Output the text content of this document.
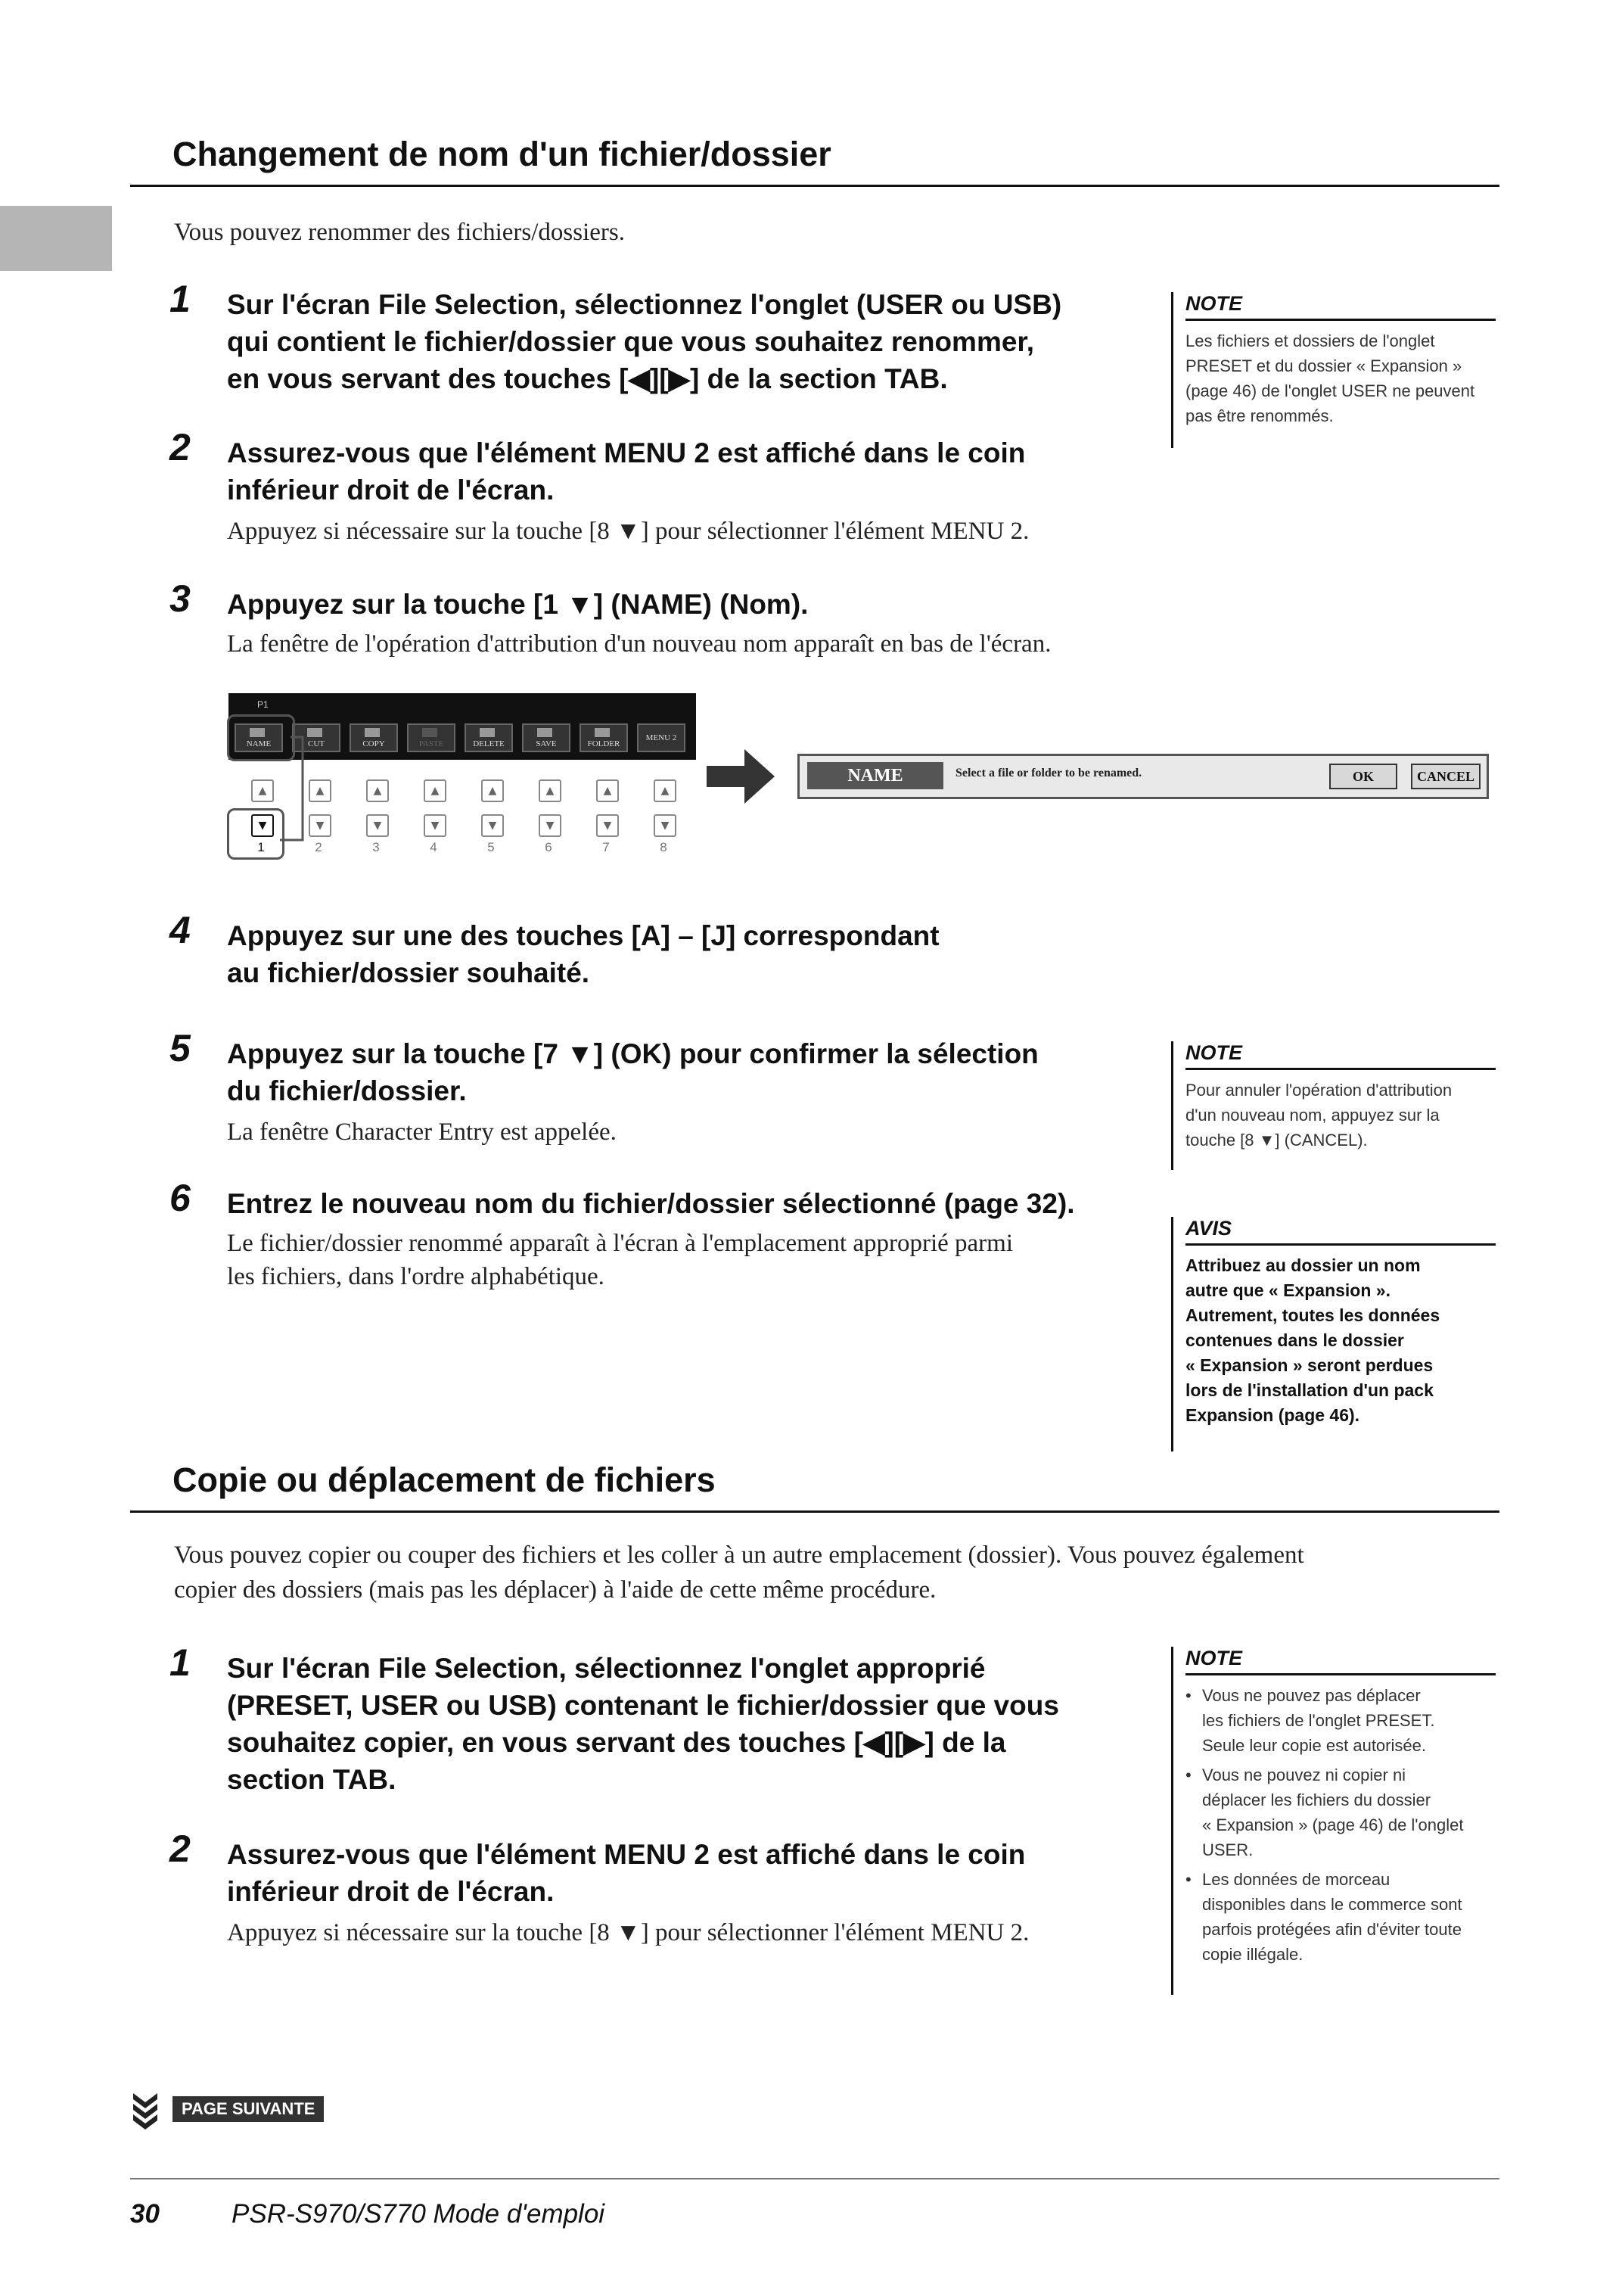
Changement de nom d'un fichier/dossier
Vous pouvez renommer des fichiers/dossiers.
1 Sur l'écran File Selection, sélectionnez l'onglet (USER ou USB)
qui contient le fichier/dossier que vous souhaitez renommer,
en vous servant des touches [◀][▶] de la section TAB.
2 Assurez-vous que l'élément MENU 2 est affiché dans le coin
inférieur droit de l'écran.
Appuyez si nécessaire sur la touche [8 ▼] pour sélectionner l'élément MENU 2.
3 Appuyez sur la touche [1 ▼] (NAME) (Nom).
La fenêtre de l'opération d'attribution d'un nouveau nom apparaît en bas de l'écran.
NOTE
Les fichiers et dossiers de l'onglet
PRESET et du dossier « Expansion »
(page 46) de l'onglet USER ne peuvent
pas être renommés.
P1
NAME	CUT	COPY	PASTE	DELETE	SAVE	FOLDER
MENU 2
▲	▲	▲	▲	▲	▲	▲	▲
▼	▼	▼	▼	▼	▼	▼	▼
1	2	3	4	5	6	7	8
NAME	Select a file or folder to be renamed.	OK	CANCEL
4 Appuyez sur une des touches [A] – [J] correspondant
au fichier/dossier souhaité.
5 Appuyez sur la touche [7 ▼] (OK) pour confirmer la sélection
du fichier/dossier.
La fenêtre Character Entry est appelée.
6 Entrez le nouveau nom du fichier/dossier sélectionné (page 32).
Le fichier/dossier renommé apparaît à l'écran à l'emplacement approprié parmi
les fichiers, dans l'ordre alphabétique.
NOTE
Pour annuler l'opération d'attribution
d'un nouveau nom, appuyez sur la
touche [8 ▼] (CANCEL).
AVIS
Attribuez au dossier un nom
autre que « Expansion ».
Autrement, toutes les données
contenues dans le dossier
« Expansion » seront perdues
lors de l'installation d'un pack
Expansion (page 46).
Copie ou déplacement de fichiers
Vous pouvez copier ou couper des fichiers et les coller à un autre emplacement (dossier). Vous pouvez également
copier des dossiers (mais pas les déplacer) à l'aide de cette même procédure.
1 Sur l'écran File Selection, sélectionnez l'onglet approprié
(PRESET, USER ou USB) contenant le fichier/dossier que vous
souhaitez copier, en vous servant des touches [◀][▶] de la
section TAB.
2 Assurez-vous que l'élément MENU 2 est affiché dans le coin
inférieur droit de l'écran.
Appuyez si nécessaire sur la touche [8 ▼] pour sélectionner l'élément MENU 2.
NOTE
• Vous ne pouvez pas déplacer
les fichiers de l'onglet PRESET.
Seule leur copie est autorisée.
• Vous ne pouvez ni copier ni
déplacer les fichiers du dossier
« Expansion » (page 46) de l'onglet
USER.
• Les données de morceau
disponibles dans le commerce sont
parfois protégées afin d'éviter toute
copie illégale.
PAGE SUIVANTE
30	PSR-S970/S770 Mode d'emploi
